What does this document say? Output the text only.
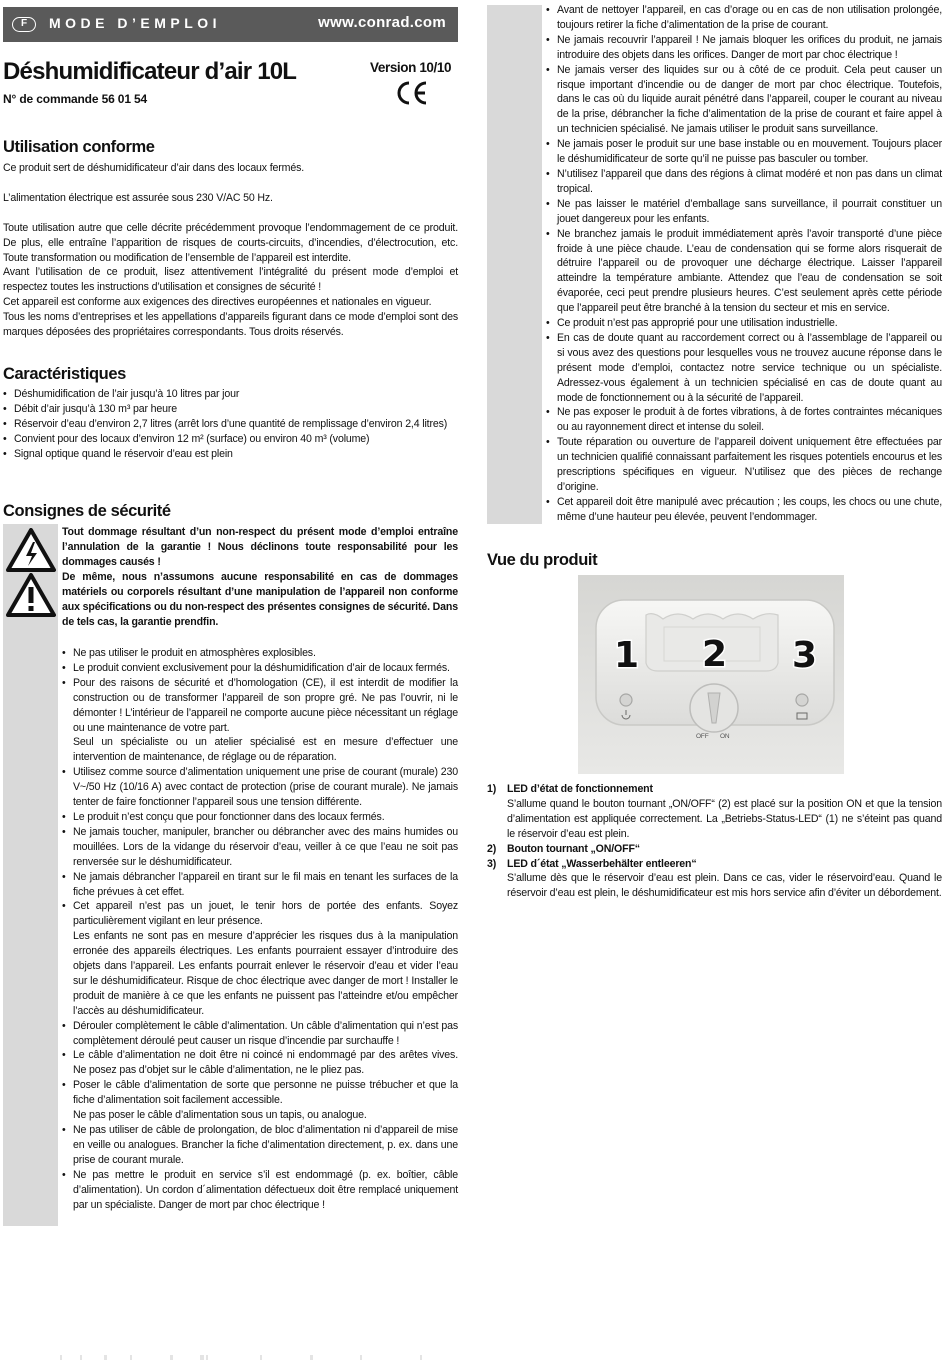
F	MODE D’EMPLOI	www.conrad.com
Déshumidificateur d’air 10L
N° de commande 56 01 54
Version 10/10
Utilisation conforme
Ce produit sert de déshumidificateur d’air dans des locaux fermés.
L’alimentation électrique est assurée sous 230 V/AC 50 Hz.
Toute utilisation autre que celle décrite précédemment provoque l’endommagement de ce produit. De plus, elle entraîne l’apparition de risques de courts-circuits, d’incendies, d’électrocution, etc. Toute transformation ou modification de l’ensemble de l’appareil est interdite.
Avant l’utilisation de ce produit, lisez attentivement l’intégralité du présent mode d’emploi et respectez toutes les instructions d’utilisation et consignes de sécurité !
Cet appareil est conforme aux exigences des directives européennes et nationales en vigueur.
Tous les noms d’entreprises et les appellations d’appareils figurant dans ce mode d’emploi sont des marques déposées des propriétaires correspondants. Tous droits réservés.
Caractéristiques
• Déshumidification de l’air jusqu’à 10 litres par jour
• Débit d’air jusqu’à 130 m³ par heure
• Réservoir d’eau d’environ 2,7 litres (arrêt lors d’une quantité de remplissage d’environ 2,4 litres)
• Convient pour des locaux d’environ 12 m² (surface) ou environ 40 m³ (volume)
• Signal optique quand le réservoir d’eau est plein
Consignes de sécurité
Tout dommage résultant d’un non-respect du présent mode d’emploi entraîne l’annulation de la garantie ! Nous déclinons toute responsabilité pour les dommages causés !
De même, nous n’assumons aucune responsabilité en cas de dommages matériels ou corporels résultant d’une manipulation de l’appareil non conforme aux spécifications ou du non-respect des présentes consignes de sécurité. Dans de tels cas, la garantie prendfin.
• Ne pas utiliser le produit en atmosphères explosibles.
• Le produit convient exclusivement pour la déshumidification d’air de locaux fermés.
• Pour des raisons de sécurité et d’homologation (CE), il est interdit de modifier la construction ou de transformer l’appareil de son propre gré. Ne pas l’ouvrir, ni le démonter ! L’intérieur de l’appareil ne comporte aucune pièce nécessitant un réglage ou une maintenance de votre part.
Seul un spécialiste ou un atelier spécialisé est en mesure d’effectuer une intervention de maintenance, de réglage ou de réparation.
• Utilisez comme source d’alimentation uniquement une prise de courant (murale) 230 V~/50 Hz (10/16 A) avec contact de protection (prise de courant murale). Ne jamais tenter de faire fonctionner l’appareil sous une tension différente.
• Le produit n’est conçu que pour fonctionner dans des locaux fermés.
• Ne jamais toucher, manipuler, brancher ou débrancher avec des mains humides ou mouillées. Lors de la vidange du réservoir d’eau, veiller à ce que l’eau ne soit pas renversée sur le déshumidificateur.
• Ne jamais débrancher l’appareil en tirant sur le fil mais en tenant les surfaces de la fiche prévues à cet effet.
• Cet appareil n’est pas un jouet, le tenir hors de portée des enfants. Soyez particulièrement vigilant en leur présence.
Les enfants ne sont pas en mesure d’apprécier les risques dus à la manipulation erronée des appareils électriques. Les enfants pourraient essayer d’introduire des objets dans l’appareil. Les enfants pourrait enlever le réservoir d’eau et vider l’eau sur le déshumidificateur. Risque de choc électrique avec danger de mort ! Installer le produit de manière à ce que les enfants ne puissent pas l’atteindre et/ou empêcher l’accès au déshumidificateur.
• Dérouler complètement le câble d’alimentation. Un câble d’alimentation qui n’est pas complètement déroulé peut causer un risque d’incendie par surchauffe !
• Le câble d’alimentation ne doit être ni coincé ni endommagé par des arêtes vives. Ne posez pas d’objet sur le câble d’alimentation, ne le pliez pas.
• Poser le câble d’alimentation de sorte que personne ne puisse trébucher et que la fiche d’alimentation soit facilement accessible.
Ne pas poser le câble d’alimentation sous un tapis, ou analogue.
• Ne pas utiliser de câble de prolongation, de bloc d’alimentation ni d’appareil de mise en veille ou analogues. Brancher la fiche d’alimentation directement, p. ex. dans une prise de courant murale.
• Ne pas mettre le produit en service s’il est endommagé (p. ex. boîtier, câble d’alimentation). Un cordon d´alimentation défectueux doit être remplacé uniquement par un spécialiste. Danger de mort par choc électrique !
• Avant de nettoyer l’appareil, en cas d’orage ou en cas de non utilisation prolongée, toujours retirer la fiche d’alimentation de la prise de courant.
• Ne jamais recouvrir l’appareil ! Ne jamais bloquer les orifices du produit, ne jamais introduire des objets dans les orifices. Danger de mort par choc électrique !
• Ne jamais verser des liquides sur ou à côté de ce produit. Cela peut causer un risque important d’incendie ou de danger de mort par choc électrique. Toutefois, dans le cas où du liquide aurait pénétré dans l’appareil, couper le courant au niveau de la prise, débrancher la fiche d’alimentation de la prise de courant et faire appel à un technicien spécialisé. Ne jamais utiliser le produit sans surveillance.
• Ne jamais poser le produit sur une base instable ou en mouvement. Toujours placer le déshumidificateur de sorte qu’il ne puisse pas basculer ou tomber.
• N’utilisez l’appareil que dans des régions à climat modéré et non pas dans un climat tropical.
• Ne pas laisser le matériel d’emballage sans surveillance, il pourrait constituer un jouet dangereux pour les enfants.
• Ne branchez jamais le produit immédiatement après l’avoir transporté d’une pièce froide à une pièce chaude. L’eau de condensation qui se forme alors risquerait de détruire l’appareil ou de provoquer une décharge électrique. Laisser l’appareil atteindre la température ambiante. Attendez que l’eau de condensation se soit évaporée, ceci peut prendre plusieurs heures. C’est seulement après cette période que l’appareil peut être branché à la tension du secteur et mis en service.
• Ce produit n’est pas approprié pour une utilisation industrielle.
• En cas de doute quant au raccordement correct ou à l’assemblage de l’appareil ou si vous avez des questions pour lesquelles vous ne trouvez aucune réponse dans le présent mode d’emploi, contactez notre service technique ou un spécialiste. Adressez-vous également à un technicien spécialisé en cas de doute quant au mode de fonctionnement ou à la sécurité de l’appareil.
• Ne pas exposer le produit à de fortes vibrations, à de fortes contraintes mécaniques ou au rayonnement direct et intense du soleil.
• Toute réparation ou ouverture de l’appareil doivent uniquement être effectuées par un technicien qualifié connaissant parfaitement les risques potentiels encourus et les prescriptions spécifiques en vigueur. N’utilisez que des pièces de rechange d’origine.
• Cet appareil doit être manipulé avec précaution ; les coups, les chocs ou une chute, même d’une hauteur peu élevée, peuvent l’endommager.
Vue du produit
OFF ON
1 2 3
1) LED d’état de fonctionnement
S’allume quand le bouton tournant „ON/OFF“ (2) est placé sur la position ON et que la tension d’alimentation est appliquée correctement. La „Betriebs-Status-LED“ (1) ne s’éteint pas quand le réservoir d’eau est plein.
2) Bouton tournant „ON/OFF“
3) LED d´état „Wasserbehälter entleeren“
S’allume dès que le réservoir d’eau est plein. Dans ce cas, vider le réservoird’eau. Quand le réservoir d’eau est plein, le déshumidificateur est mis hors service afin d’éviter un débordement.
